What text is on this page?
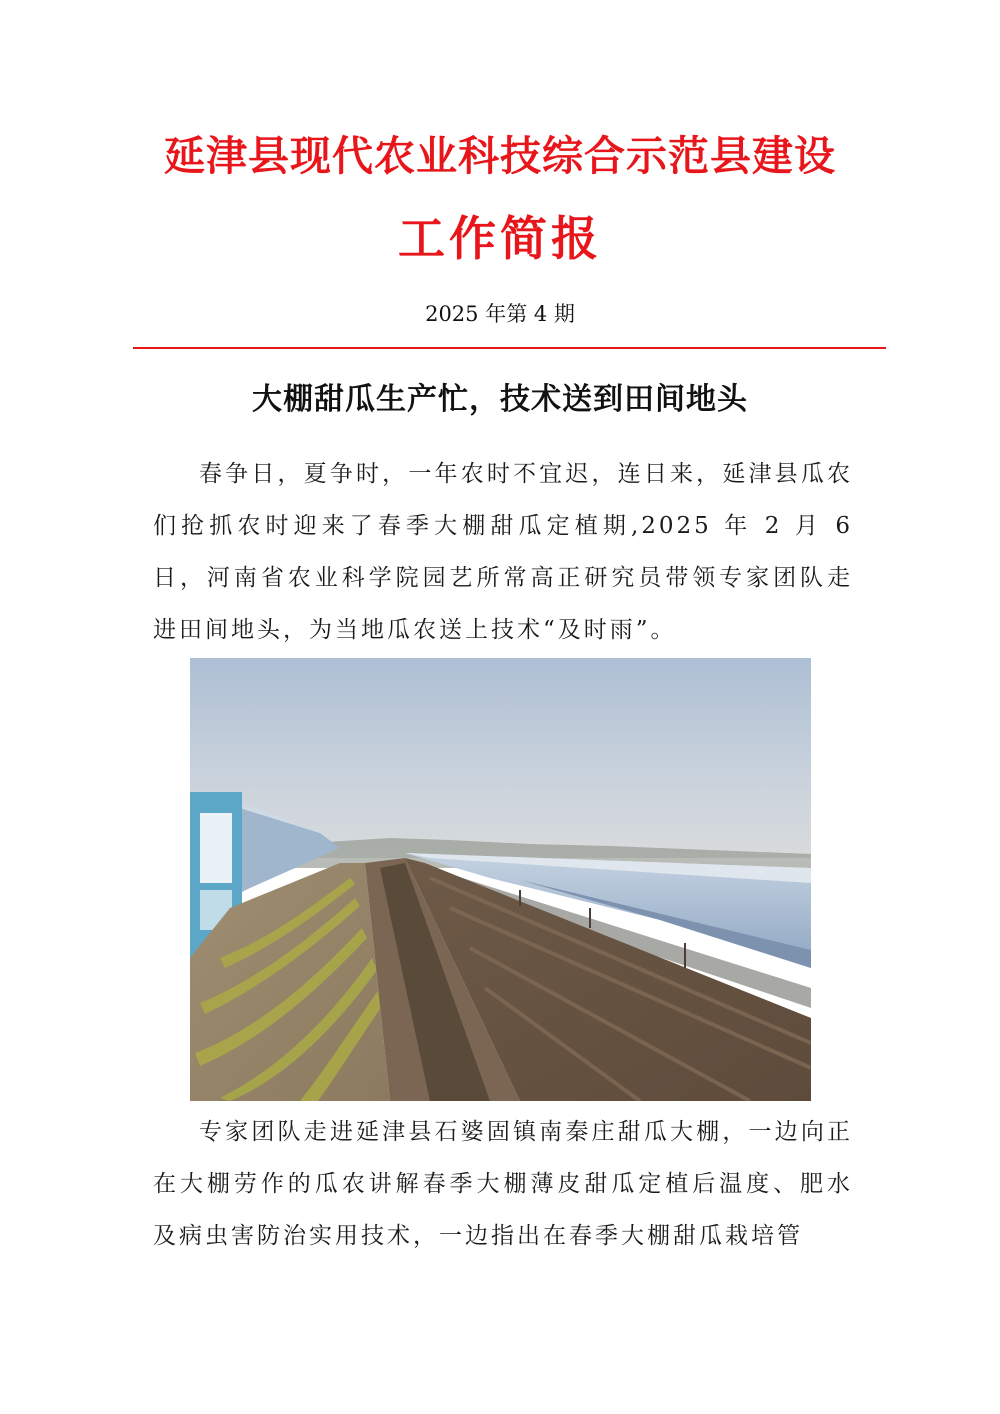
延津县现代农业科技综合示范县建设
工作简报
2025 年第 4 期
大棚甜瓜生产忙，技术送到田间地头

春争日，夏争时，一年农时不宜迟，连日来，延津县瓜农们抢抓农时迎来了春季大棚甜瓜定植期,2025 年 2 月 6 日，河南省农业科学院园艺所常高正研究员带领专家团队走进田间地头，为当地瓜农送上技术“及时雨”。

专家团队走进延津县石婆固镇南秦庄甜瓜大棚，一边向正在大棚劳作的瓜农讲解春季大棚薄皮甜瓜定植后温度、肥水及病虫害防治实用技术，一边指出在春季大棚甜瓜栽培管
